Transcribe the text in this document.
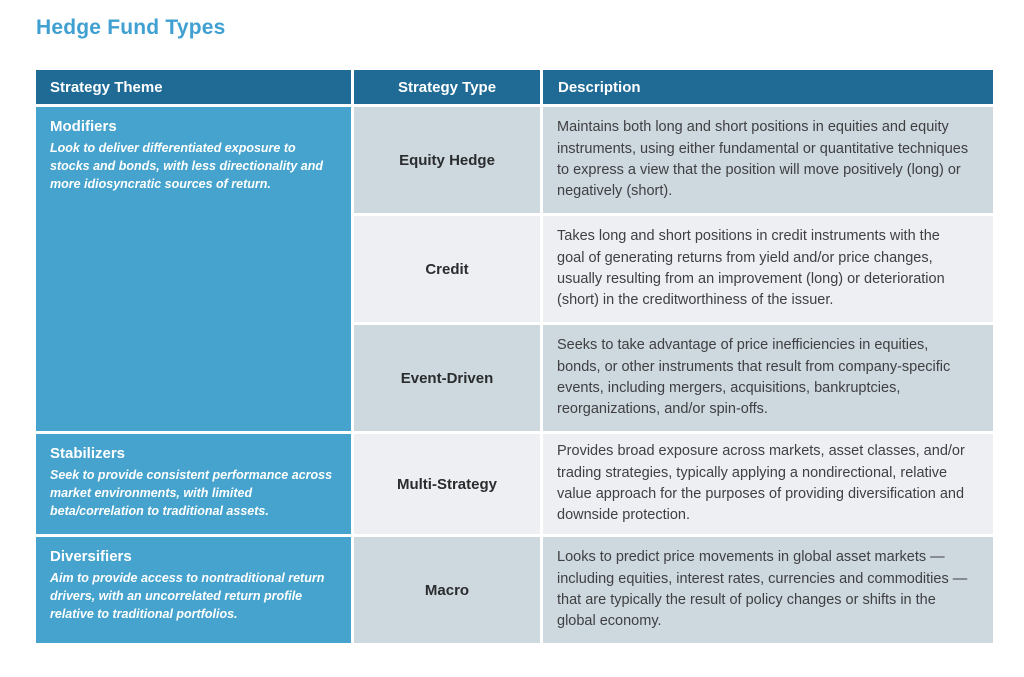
Hedge Fund Types
Strategy Theme	Strategy Type	Description
Modifiers
Look to deliver differentiated exposure to stocks and bonds, with less directionality and more idiosyncratic sources of return.
Stabilizers
Seek to provide consistent performance across market environments, with limited beta/correlation to traditional assets.
Diversifiers
Aim to provide access to nontraditional return drivers, with an uncorrelated return profile relative to traditional portfolios.
Equity Hedge
Maintains both long and short positions in equities and equity instruments, using either fundamental or quantitative techniques to express a view that the position will move positively (long) or negatively (short).
Credit
Takes long and short positions in credit instruments with the goal of generating returns from yield and/or price changes, usually resulting from an improvement (long) or deterioration (short) in the creditworthiness of the issuer.
Event-Driven
Seeks to take advantage of price inefficiencies in equities, bonds, or other instruments that result from company-specific events, including mergers, acquisitions, bankruptcies, reorganizations, and/or spin-offs.
Multi-Strategy
Provides broad exposure across markets, asset classes, and/or trading strategies, typically applying a nondirectional, relative value approach for the purposes of providing diversification and downside protection.
Macro
Looks to predict price movements in global asset markets — including equities, interest rates, currencies and commodities — that are typically the result of policy changes or shifts in the global economy.
